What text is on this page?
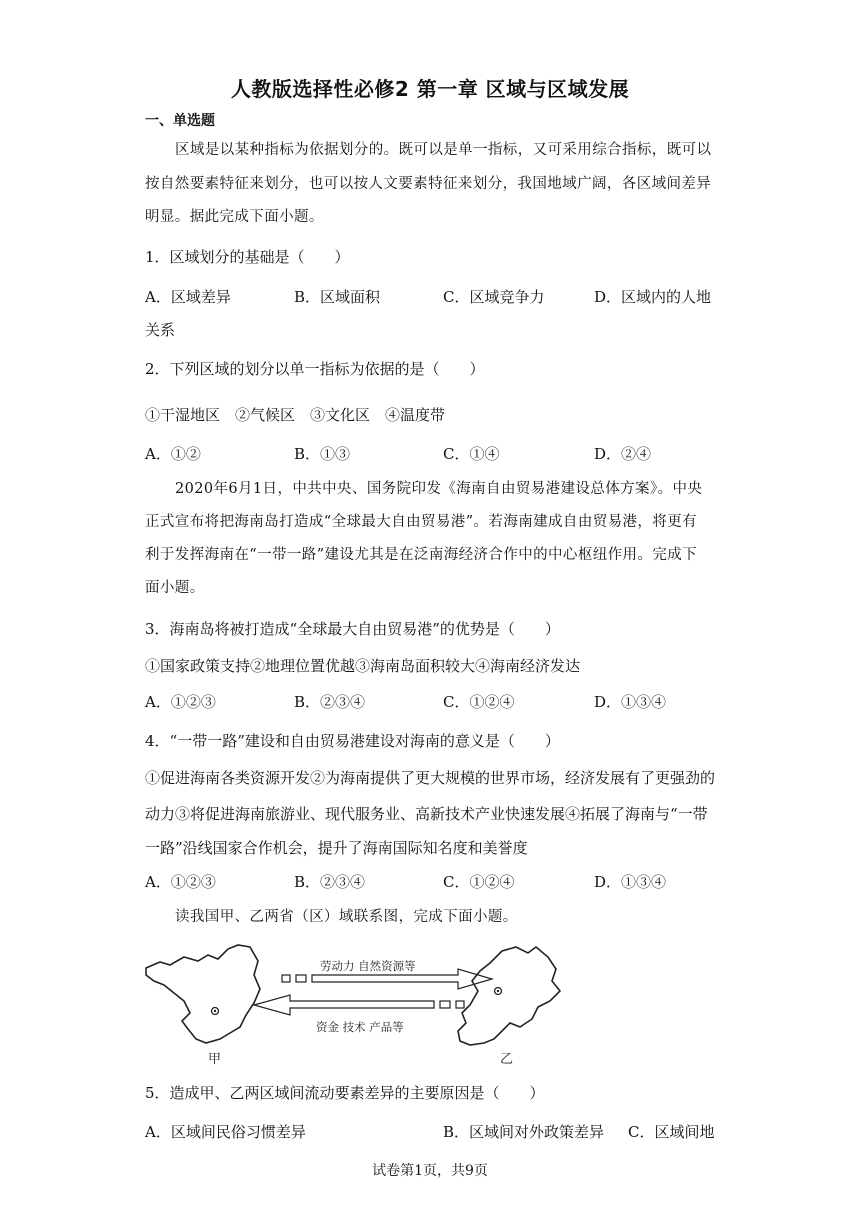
人教版选择性必修2 第一章 区域与区域发展
一、单选题
区域是以某种指标为依据划分的。既可以是单一指标，又可采用综合指标，既可以
按自然要素特征来划分，也可以按人文要素特征来划分，我国地域广阔，各区域间差异
明显。据此完成下面小题。
1．区域划分的基础是（　　）
A．区域差异	B．区域面积	C．区域竞争力	D．区域内的人地
关系
2．下列区域的划分以单一指标为依据的是（　　）
①干湿地区　②气候区　③文化区　④温度带
A．①②	B．①③	C．①④	D．②④
2020年6月1日，中共中央、国务院印发《海南自由贸易港建设总体方案》。中央
正式宣布将把海南岛打造成“全球最大自由贸易港”。若海南建成自由贸易港，将更有
利于发挥海南在“一带一路”建设尤其是在泛南海经济合作中的中心枢纽作用。完成下
面小题。
3．海南岛将被打造成“全球最大自由贸易港”的优势是（　　）
①国家政策支持②地理位置优越③海南岛面积较大④海南经济发达
A．①②③	B．②③④	C．①②④	D．①③④
4．“一带一路”建设和自由贸易港建设对海南的意义是（　　）
①促进海南各类资源开发②为海南提供了更大规模的世界市场，经济发展有了更强劲的
动力③将促进海南旅游业、现代服务业、高新技术产业快速发展④拓展了海南与“一带
一路”沿线国家合作机会，提升了海南国际知名度和美誉度
A．①②③	B．②③④	C．①②④	D．①③④
读我国甲、乙两省（区）域联系图，完成下面小题。
甲	乙
劳动力 自然资源等
资金 技术 产品等
5．造成甲、乙两区域间流动要素差异的主要原因是（　　）
A．区域间民俗习惯差异	B．区域间对外政策差异 C．区域间地
试卷第1页，共9页
